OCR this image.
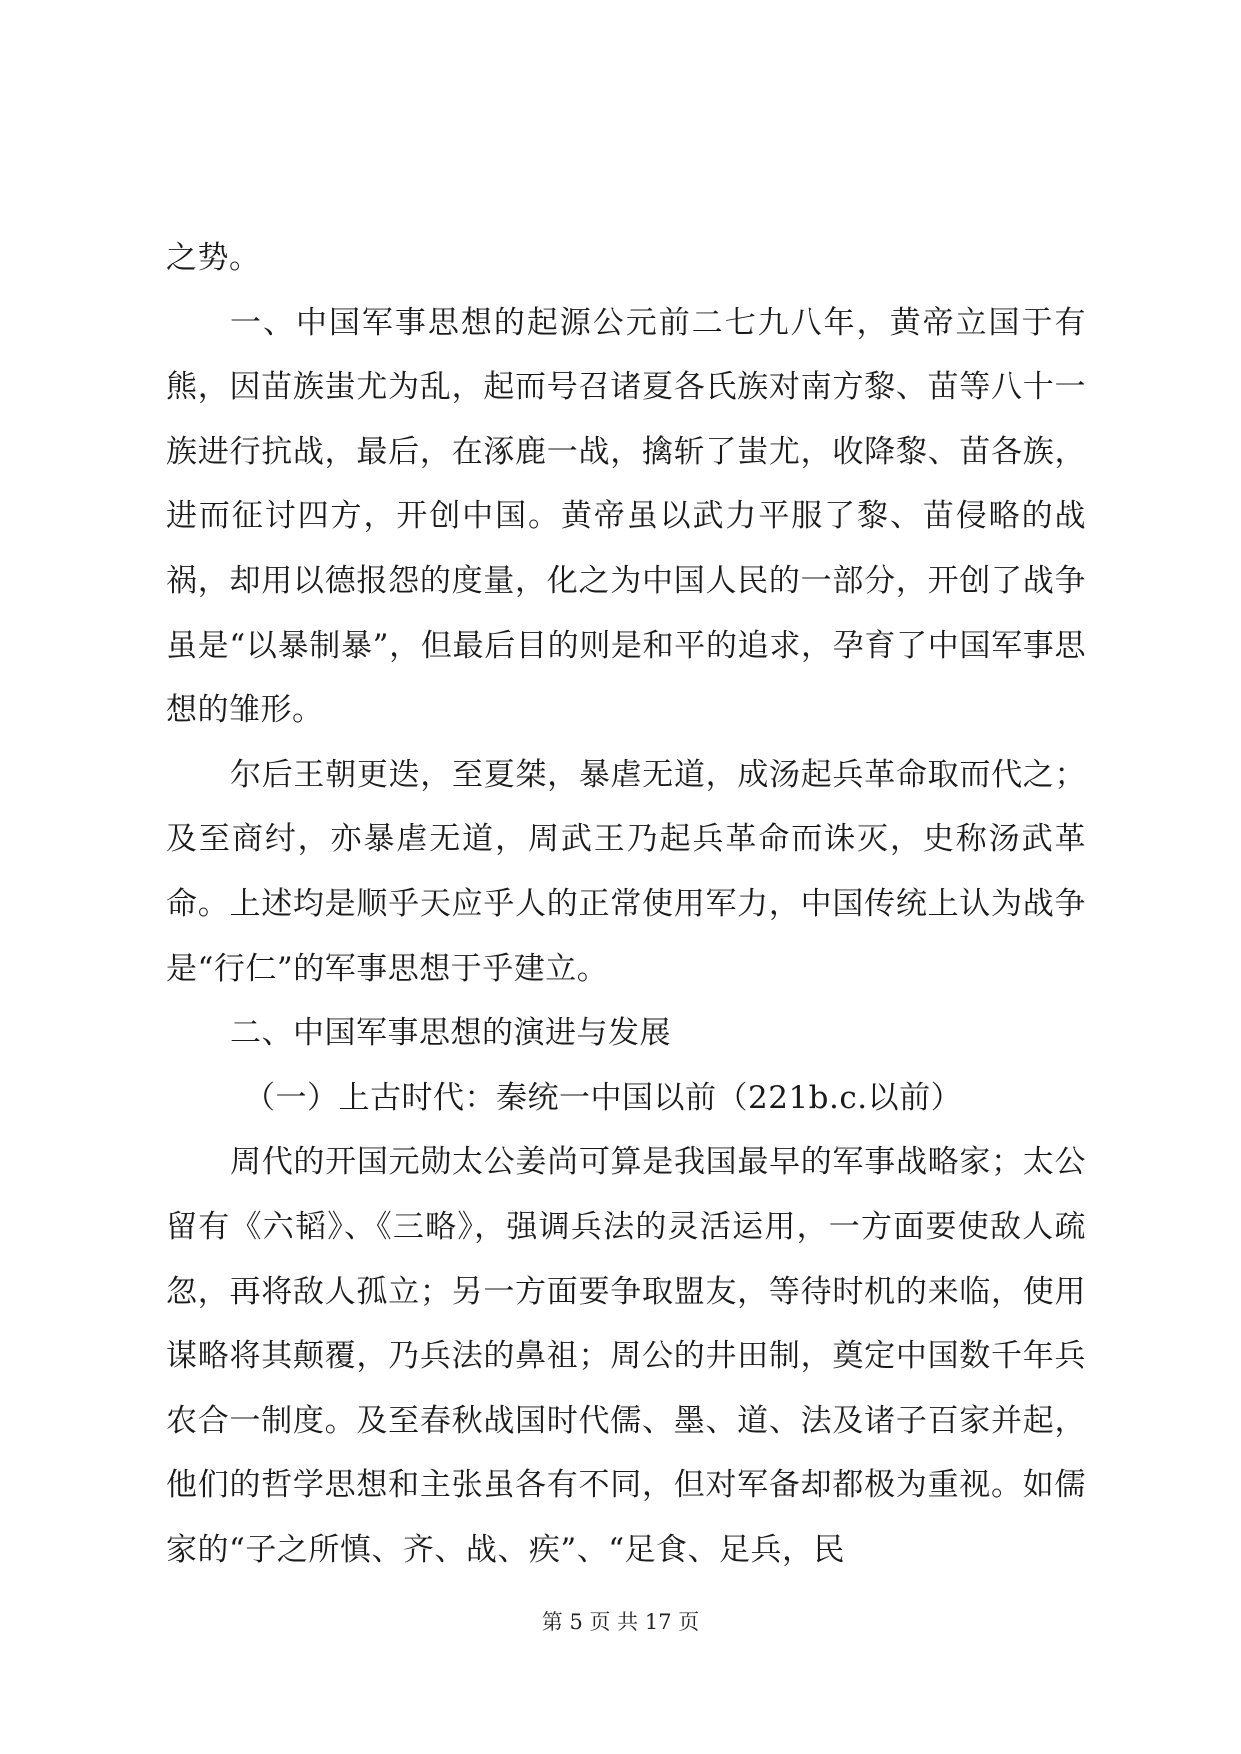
之势。

一、中国军事思想的起源公元前二七九八年，黄帝立国于有熊，因苗族蚩尤为乱，起而号召诸夏各氏族对南方黎、苗等八十一族进行抗战，最后，在涿鹿一战，擒斩了蚩尤，收降黎、苗各族，进而征讨四方，开创中国。黄帝虽以武力平服了黎、苗侵略的战祸，却用以德报怨的度量，化之为中国人民的一部分，开创了战争虽是“以暴制暴”，但最后目的则是和平的追求，孕育了中国军事思想的雏形。

尔后王朝更迭，至夏桀，暴虐无道，成汤起兵革命取而代之；及至商纣，亦暴虐无道，周武王乃起兵革命而诛灭，史称汤武革命。上述均是顺乎天应乎人的正常使用军力，中国传统上认为战争是“行仁”的军事思想于乎建立。

二、中国军事思想的演进与发展

（一）上古时代：秦统一中国以前（221b.c.以前）

周代的开国元勋太公姜尚可算是我国最早的军事战略家；太公留有《六韬》、《三略》，强调兵法的灵活运用，一方面要使敌人疏忽，再将敌人孤立；另一方面要争取盟友，等待时机的来临，使用谋略将其颠覆，乃兵法的鼻祖；周公的井田制，奠定中国数千年兵农合一制度。及至春秋战国时代儒、墨、道、法及诸子百家并起，他们的哲学思想和主张虽各有不同，但对军备却都极为重视。如儒家的“子之所慎、齐、战、疾”、“足食、足兵，民

第 5 页 共 17 页
